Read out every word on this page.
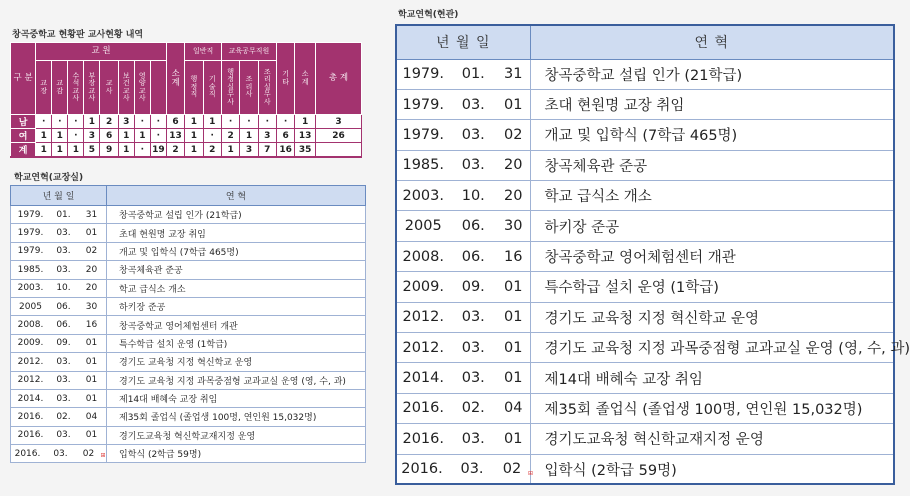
창곡중학교 현황판 교사현황 내역
구 분	교 원								소 계	일반직		교육공무직원			기 타	소 계	총 계
	교장	교감	수석교사	부장교사	교사	보건교사	영양교사			행정직	기술직	행정실무사	조리사	조리실무사			
남	·	·	·	1	2	3	·	·	6	1	1	·	·	·	·	1	3
여	1	1	·	3	6	1	1	·	13	1	·	2	1	3	6	13	26
계	1	1	1	5	9	1	·	19	2	1	2	1	3	7	16	35	
학교연혁(교장실)
년 월 일	연 혁
1979. 01. 31	창곡중학교 설립 인가 (21학급)
1979. 03. 01	초대 현원명 교장 취임
1979. 03. 02	개교 및 입학식 (7학급 465명)
1985. 03. 20	창곡체육관 준공
2003. 10. 20	학교 급식소 개소
2005 06. 30	하키장 준공
2008. 06. 16	창곡중학교 영어체험센터 개관
2009. 09. 01	특수학급 설치 운영 (1학급)
2012. 03. 01	경기도 교육청 지정 혁신학교 운영
2012. 03. 01	경기도 교육청 지정 과목중점형 교과교실 운영 (영, 수, 과)
2014. 03. 01	제14대 배혜숙 교장 취임
2016. 02. 04	제35회 졸업식 (졸업생 100명, 연인원 15,032명)
2016. 03. 01	경기도교육청 혁신학교재지정 운영
2016. 03. 02 ⊞	입학식 (2학급 59명)
학교연혁(현관)
년 월 일	연 혁
1979. 01. 31	창곡중학교 설립 인가 (21학급)
1979. 03. 01	초대 현원명 교장 취임
1979. 03. 02	개교 및 입학식 (7학급 465명)
1985. 03. 20	창곡체육관 준공
2003. 10. 20	학교 급식소 개소
2005 06. 30	하키장 준공
2008. 06. 16	창곡중학교 영어체험센터 개관
2009. 09. 01	특수학급 설치 운영 (1학급)
2012. 03. 01	경기도 교육청 지정 혁신학교 운영
2012. 03. 01	경기도 교육청 지정 과목중점형 교과교실 운영 (영, 수, 과)
2014. 03. 01	제14대 배혜숙 교장 취임
2016. 02. 04	제35회 졸업식 (졸업생 100명, 연인원 15,032명)
2016. 03. 01	경기도교육청 혁신학교재지정 운영
2016. 03. 02 ⊞	입학식 (2학급 59명)
